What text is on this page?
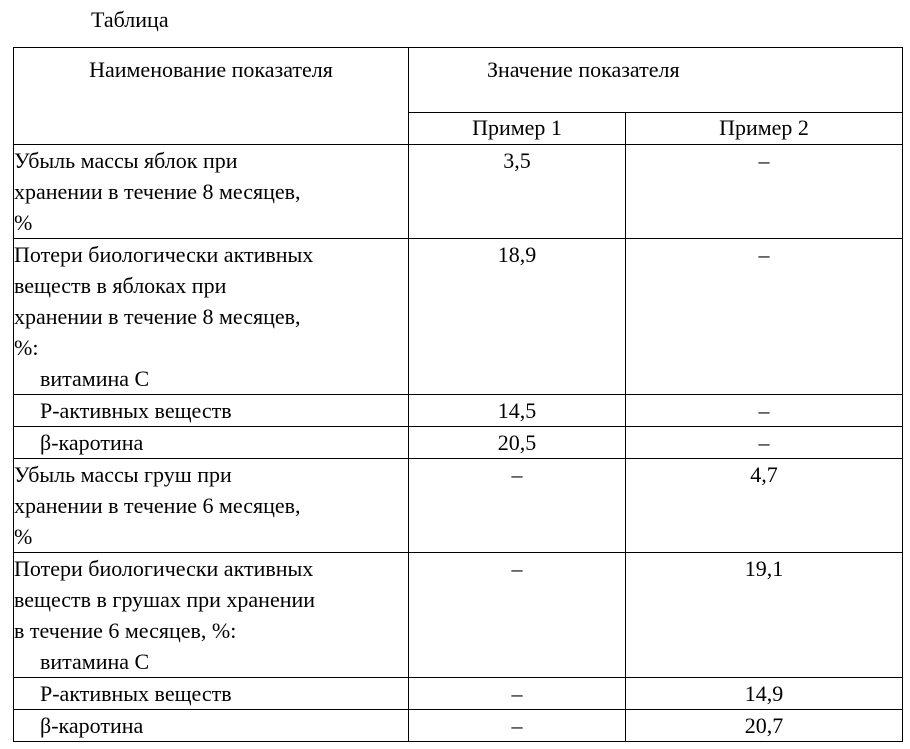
Таблица
Наименование показателя	Значение показателя	

	Пример 1	Пример 2

Убыль массы яблок при
хранении в течение 8 месяцев,
%	3,5	–

Потери биологически активных
веществ в яблоках при
хранении в течение 8 месяцев,
%:
витамина С	18,9	–

Р-активных веществ	14,5	–

β-каротина	20,5	–

Убыль массы груш при
хранении в течение 6 месяцев,
%	–	4,7

Потери биологически активных
веществ в грушах при хранении
в течение 6 месяцев, %:
витамина С	–	19,1

Р-активных веществ	–	14,9

β-каротина	–	20,7
